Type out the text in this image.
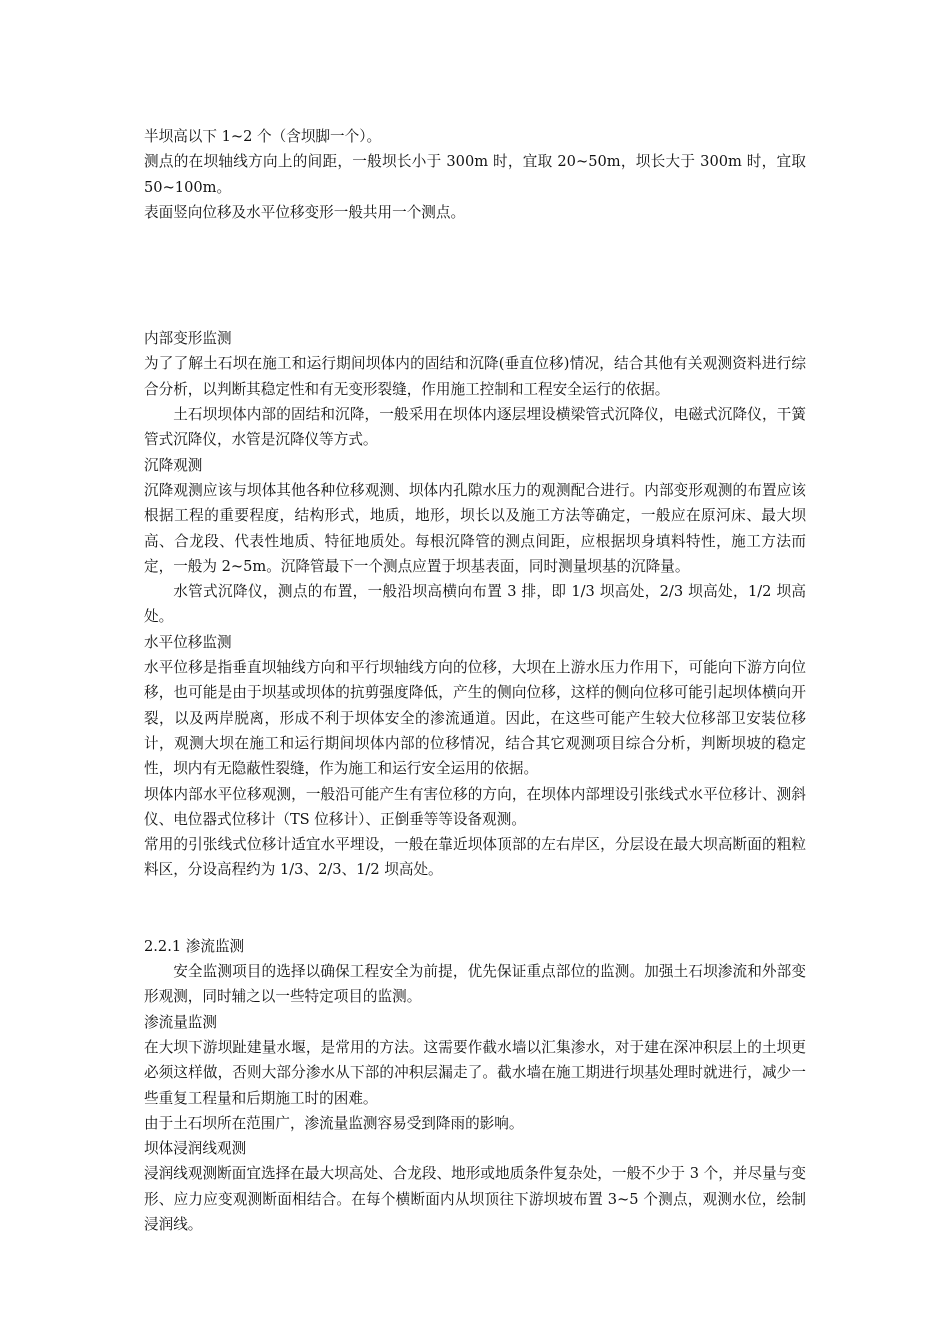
半坝高以下 1~2 个（含坝脚一个）。

测点的在坝轴线方向上的间距，一般坝长小于 300m 时，宜取 20~50m，坝长大于 300m 时，宜取 50~100m。

表面竖向位移及水平位移变形一般共用一个测点。

内部变形监测

为了了解土石坝在施工和运行期间坝体内的固结和沉降(垂直位移)情况，结合其他有关观测资料进行综合分析，以判断其稳定性和有无变形裂缝，作用施工控制和工程安全运行的依据。

土石坝坝体内部的固结和沉降，一般采用在坝体内逐层埋设横梁管式沉降仪，电磁式沉降仪，干簧管式沉降仪，水管是沉降仪等方式。

沉降观测

沉降观测应该与坝体其他各种位移观测、坝体内孔隙水压力的观测配合进行。内部变形观测的布置应该根据工程的重要程度，结构形式，地质，地形，坝长以及施工方法等确定，一般应在原河床、最大坝高、合龙段、代表性地质、特征地质处。每根沉降管的测点间距，应根据坝身填料特性，施工方法而定，一般为 2~5m。沉降管最下一个测点应置于坝基表面，同时测量坝基的沉降量。

水管式沉降仪，测点的布置，一般沿坝高横向布置 3 排，即 1/3 坝高处，2/3 坝高处，1/2 坝高处。

水平位移监测

水平位移是指垂直坝轴线方向和平行坝轴线方向的位移，大坝在上游水压力作用下，可能向下游方向位移，也可能是由于坝基或坝体的抗剪强度降低，产生的侧向位移，这样的侧向位移可能引起坝体横向开裂，以及两岸脱离，形成不利于坝体安全的渗流通道。因此，在这些可能产生较大位移部卫安装位移计，观测大坝在施工和运行期间坝体内部的位移情况，结合其它观测项目综合分析，判断坝坡的稳定性，坝内有无隐蔽性裂缝，作为施工和运行安全运用的依据。

坝体内部水平位移观测，一般沿可能产生有害位移的方向，在坝体内部埋设引张线式水平位移计、测斜仪、电位器式位移计（TS 位移计）、正倒垂等等设备观测。

常用的引张线式位移计适宜水平埋设，一般在靠近坝体顶部的左右岸区，分层设在最大坝高断面的粗粒料区，分设高程约为 1/3、2/3、1/2 坝高处。

2.2.1 渗流监测

安全监测项目的选择以确保工程安全为前提，优先保证重点部位的监测。加强土石坝渗流和外部变形观测，同时辅之以一些特定项目的监测。

渗流量监测

在大坝下游坝趾建量水堰，是常用的方法。这需要作截水墙以汇集渗水，对于建在深冲积层上的土坝更必须这样做，否则大部分渗水从下部的冲积层漏走了。截水墙在施工期进行坝基处理时就进行，减少一些重复工程量和后期施工时的困难。

由于土石坝所在范围广，渗流量监测容易受到降雨的影响。

坝体浸润线观测

浸润线观测断面宜选择在最大坝高处、合龙段、地形或地质条件复杂处，一般不少于 3 个，并尽量与变形、应力应变观测断面相结合。在每个横断面内从坝顶往下游坝坡布置 3~5 个测点，观测水位，绘制浸润线。
